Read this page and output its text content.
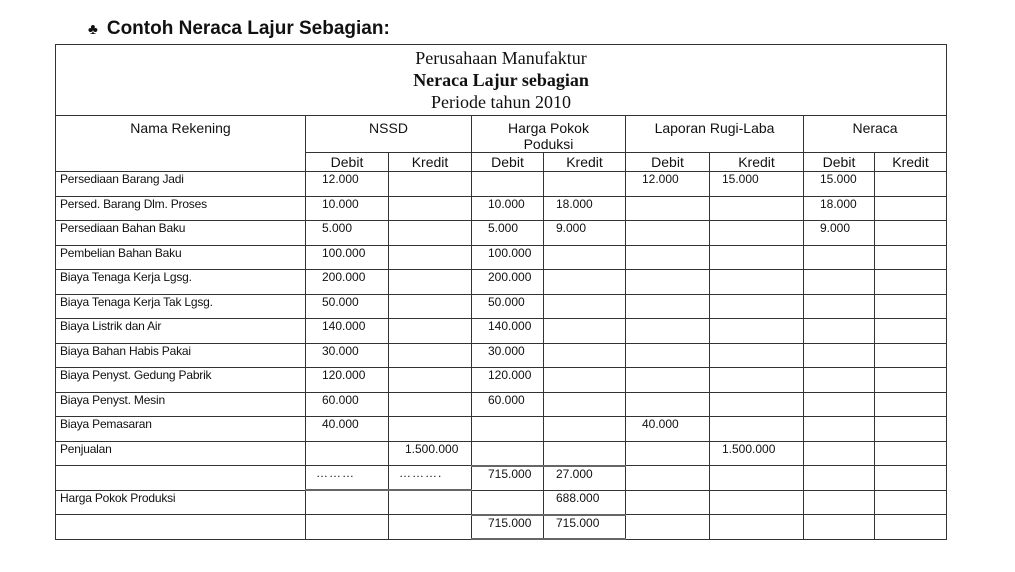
♣ Contoh Neraca Lajur Sebagian:
Perusahaan Manufaktur
Neraca Lajur sebagian
Periode tahun 2010								

Nama Rekening	NSSD		Harga Pokok Poduksi		Laporan Rugi-Laba		Neraca	
	Debit	Kredit	Debit	Kredit	Debit	Kredit	Debit	Kredit
Persediaan Barang Jadi	12.000				12.000	15.000	15.000	
Persed. Barang Dlm. Proses	10.000		10.000	18.000			18.000	
Persediaan Bahan Baku	5.000		5.000	9.000			9.000	
Pembelian Bahan Baku	100.000		100.000					
Biaya Tenaga Kerja Lgsg.	200.000		200.000					
Biaya Tenaga Kerja Tak Lgsg.	50.000		50.000					
Biaya Listrik dan Air	140.000		140.000					
Biaya Bahan Habis Pakai	30.000		30.000					
Biaya Penyst. Gedung Pabrik	120.000		120.000					
Biaya Penyst. Mesin	60.000		60.000					
Biaya Pemasaran	40.000				40.000			
Penjualan		1.500.000				1.500.000		
	………	……….	715.000	27.000				
Harga Pokok Produksi				688.000				
			715.000	715.000				
